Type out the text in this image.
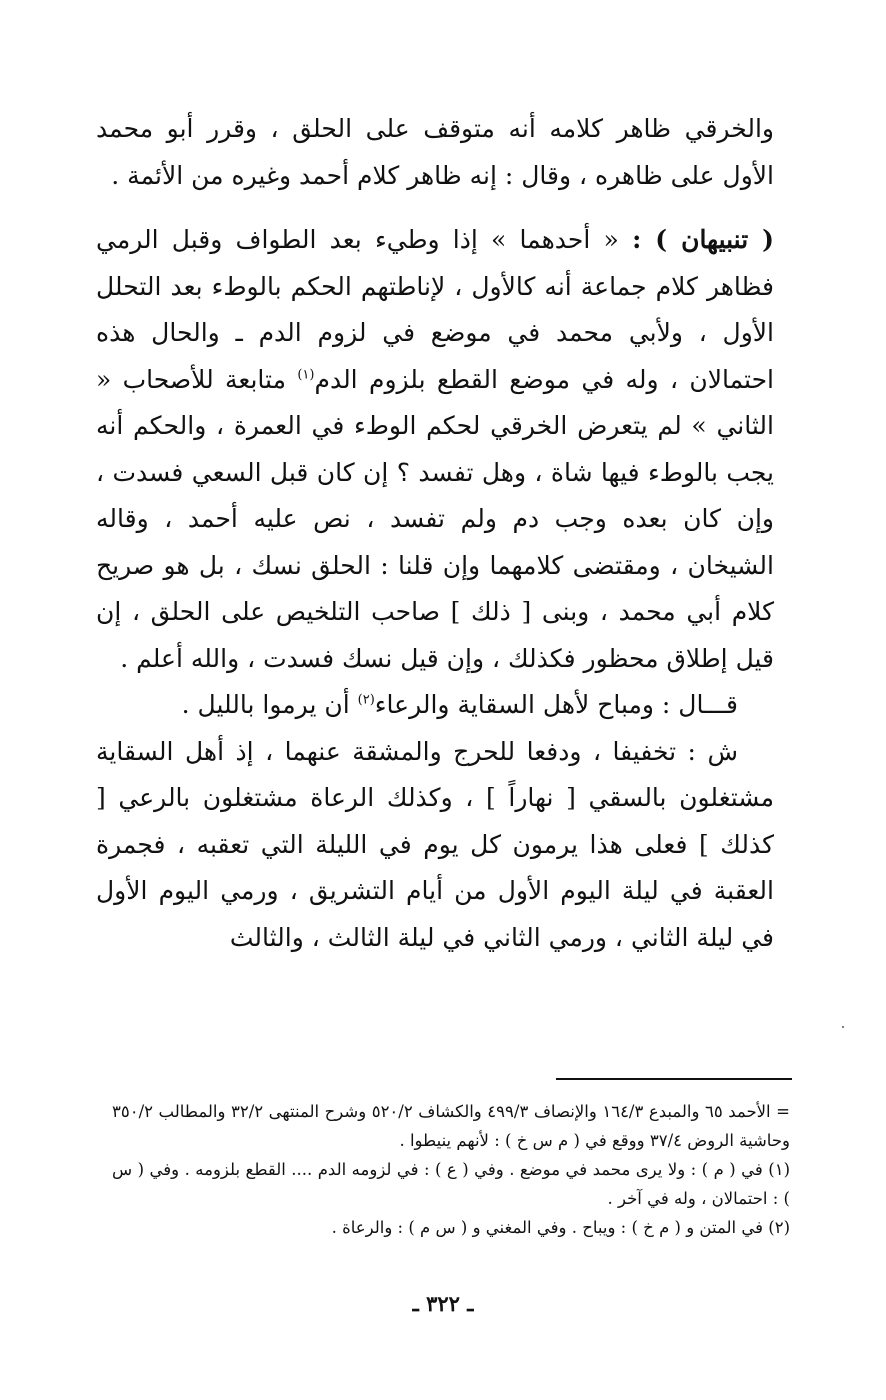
والخرقي ظاهر كلامه أنه متوقف على الحلق ، وقرر أبو محمد الأول على ظاهره ، وقال : إنه ظاهر كلام أحمد وغيره من الأئمة .

( تنبيهان ) : « أحدهما » إذا وطيء بعد الطواف وقبل الرمي فظاهر كلام جماعة أنه كالأول ، لإناطتهم الحكم بالوطء بعد التحلل الأول ، ولأبي محمد في موضع في لزوم الدم ـ والحال هذه احتمالان ، وله في موضع القطع بلزوم الدم$^{(١)}$ متابعة للأصحاب « الثاني » لم يتعرض الخرقي لحكم الوطء في العمرة ، والحكم أنه يجب بالوطء فيها شاة ، وهل تفسد ؟ إن كان قبل السعي فسدت ، وإن كان بعده وجب دم ولم تفسد ، نص عليه أحمد ، وقاله الشيخان ، ومقتضى كلامهما وإن قلنا : الحلق نسك ، بل هو صريح كلام أبي محمد ، وبنى [ ذلك ] صاحب التلخيص على الحلق ، إن قيل إطلاق محظور فكذلك ، وإن قيل نسك فسدت ، والله أعلم .

قـــال : ومباح لأهل السقاية والرعاء$^{(٢)}$ أن يرموا بالليل .

ش : تخفيفا ، ودفعا للحرج والمشقة عنهما ، إذ أهل السقاية مشتغلون بالسقي [ نهاراً ] ، وكذلك الرعاة مشتغلون بالرعي [ كذلك ] فعلى هذا يرمون كل يوم في الليلة التي تعقبه ، فجمرة العقبة في ليلة اليوم الأول من أيام التشريق ، ورمي اليوم الأول في ليلة الثاني ، ورمي الثاني في ليلة الثالث ، والثالث

= الأحمد ٦٥ والمبدع ١٦٤/٣ والإنصاف ٤٩٩/٣ والكشاف ٥٢٠/٢ وشرح المنتهى ٣٢/٢ والمطالب ٣٥٠/٢ وحاشية الروض ٣٧/٤ ووقع في ( م س خ ) : لأنهم ينيطوا .

(١) في ( م ) : ولا يرى محمد في موضع . وفي ( ع ) : في لزومه الدم .... القطع بلزومه . وفي ( س ) : احتمالان ، وله في آخر .

(٢) في المتن و ( م خ ) : ويباح . وفي المغني و ( س م ) : والرعاة .

ـ ٣٢٢ ـ
